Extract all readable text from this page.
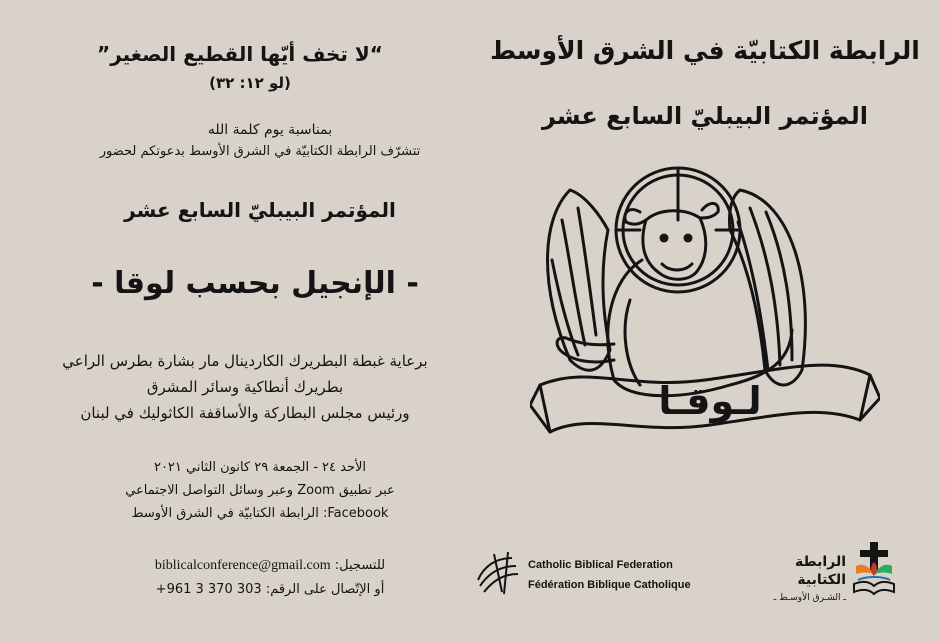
“لا تخف أيّها القطيع الصغير”
(لو ١٢: ٣٢)
بمناسبة يوم كلمة الله
تتشرّف الرابطة الكتابيّة في الشرق الأوسط بدعوتكم لحضور
المؤتمر البيبليّ السابع عشر
- الإنجيل بحسب لوقا -
برعاية غبطة البطريرك الكاردينال مار بشارة بطرس الراعي
بطريرك أنطاكية وسائر المشرق
ورئيس مجلس البطاركة والأساقفة الكاثوليك في لبنان
الأحد ٢٤ - الجمعة ٢٩ كانون الثاني ٢٠٢١
عبر تطبيق Zoom وعبر وسائل التواصل الاجتماعي
Facebook: الرابطة الكتابيّة في الشرق الأوسط
للتسجيل: biblicalconference@gmail.com
أو الإتّصال على الرقم: +961 3 370 303
الرابطة الكتابيّة في الشرق الأوسط
المؤتمر البيبليّ السابع عشر
لـوقـا
Catholic Biblical Federation
Fédération Biblique Catholique
الرابطة الكتابية
ـ الشـرق الأوسـط ـ
